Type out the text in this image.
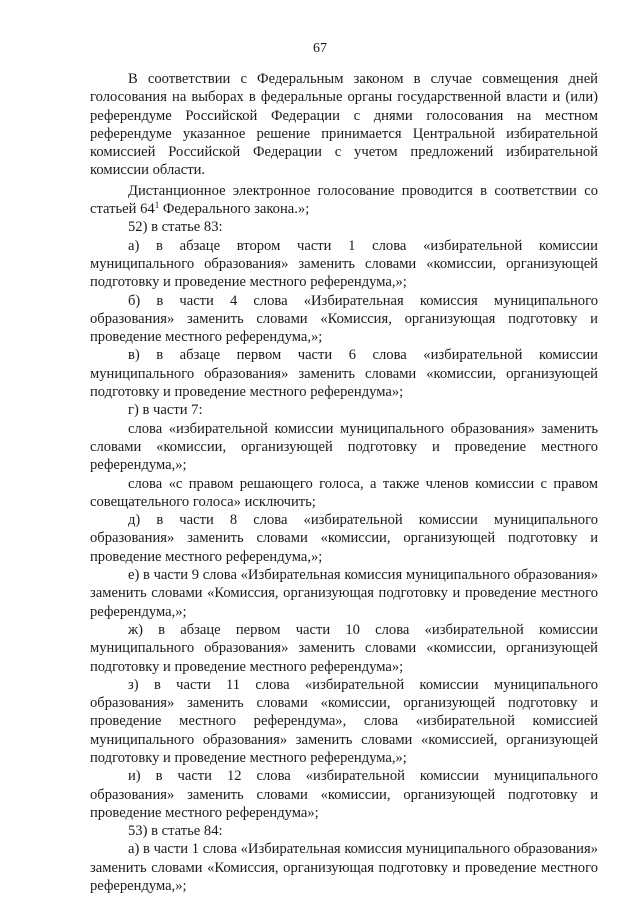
67

В соответствии с Федеральным законом в случае совмещения дней голосования на выборах в федеральные органы государственной власти и (или) референдуме Российской Федерации с днями голосования на местном референдуме указанное решение принимается Центральной избирательной комиссией Российской Федерации с учетом предложений избирательной комиссии области.

Дистанционное электронное голосование проводится в соответствии со статьей $64^1$ Федерального закона.»;

52) в статье 83:

а) в абзаце втором части 1 слова «избирательной комиссии муниципального образования» заменить словами «комиссии, организующей подготовку и проведение местного референдума,»;

б) в части 4 слова «Избирательная комиссия муниципального образования» заменить словами «Комиссия, организующая подготовку и проведение местного референдума,»;

в) в абзаце первом части 6 слова «избирательной комиссии муниципального образования» заменить словами «комиссии, организующей подготовку и проведение местного референдума»;

г) в части 7:

слова «избирательной комиссии муниципального образования» заменить словами «комиссии, организующей подготовку и проведение местного референдума,»;

слова «с правом решающего голоса, а также членов комиссии с правом совещательного голоса» исключить;

д) в части 8 слова «избирательной комиссии муниципального образования» заменить словами «комиссии, организующей подготовку и проведение местного референдума,»;

е) в части 9 слова «Избирательная комиссия муниципального образования» заменить словами «Комиссия, организующая подготовку и проведение местного референдума,»;

ж) в абзаце первом части 10 слова «избирательной комиссии муниципального образования» заменить словами «комиссии, организующей подготовку и проведение местного референдума»;

з) в части 11 слова «избирательной комиссии муниципального образования» заменить словами «комиссии, организующей подготовку и проведение местного референдума», слова «избирательной комиссией муниципального образования» заменить словами «комиссией, организующей подготовку и проведение местного референдума,»;

и) в части 12 слова «избирательной комиссии муниципального образования» заменить словами «комиссии, организующей подготовку и проведение местного референдума»;

53) в статье 84:

а) в части 1 слова «Избирательная комиссия муниципального образования» заменить словами «Комиссия, организующая подготовку и проведение местного референдума,»;
